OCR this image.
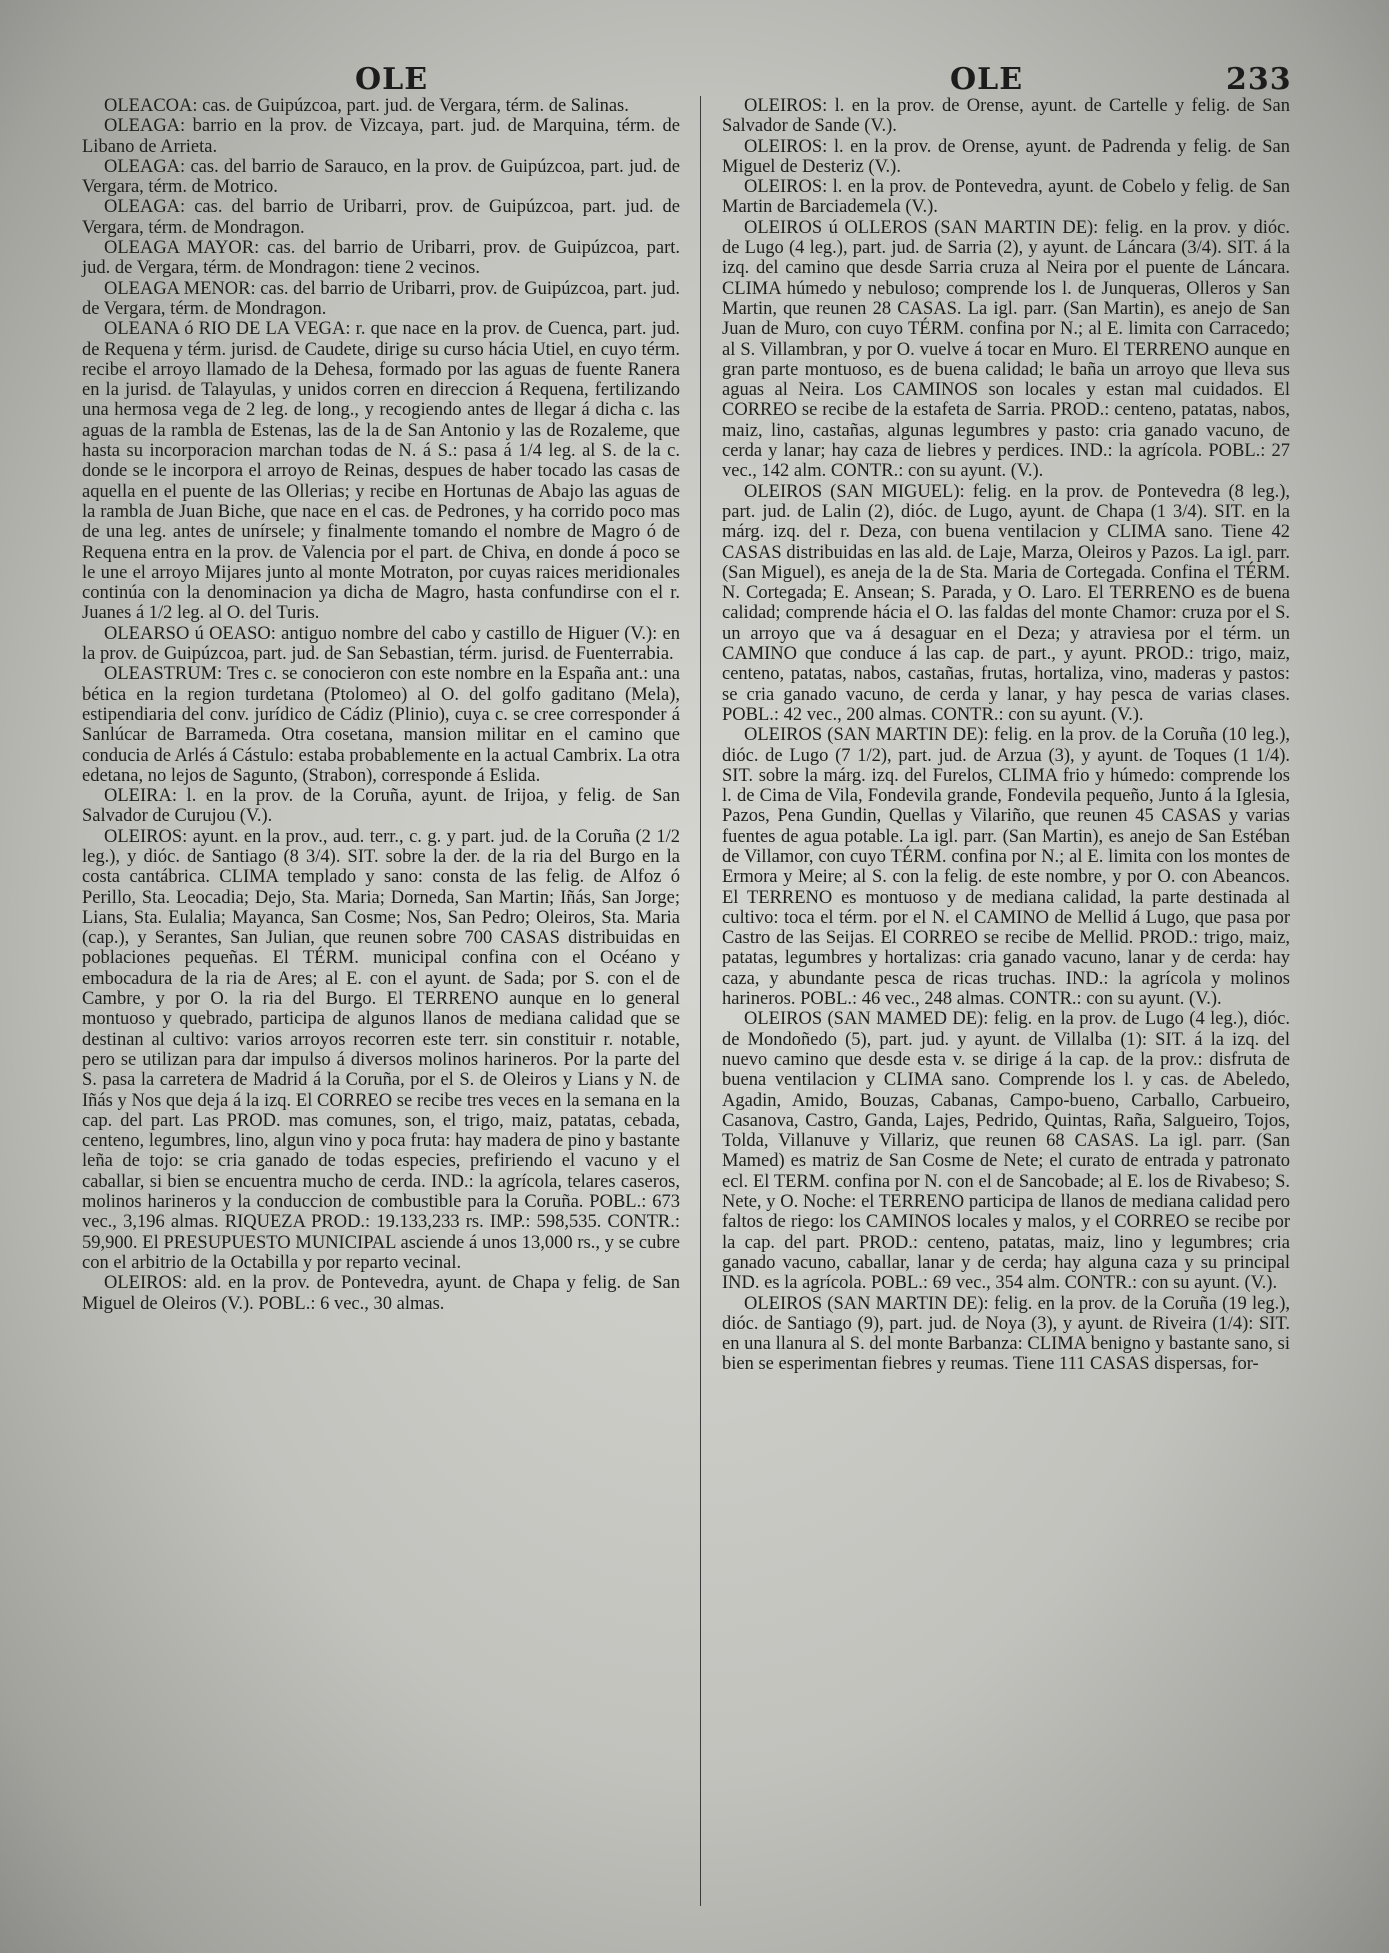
OLE	OLE	233

OLEACOA: cas. de Guipúzcoa, part. jud. de Vergara, térm. de Salinas.

OLEAGA: barrio en la prov. de Vizcaya, part. jud. de Marquina, térm. de Libano de Arrieta.

OLEAGA: cas. del barrio de Sarauco, en la prov. de Guipúzcoa, part. jud. de Vergara, térm. de Motrico.

OLEAGA: cas. del barrio de Uribarri, prov. de Guipúzcoa, part. jud. de Vergara, térm. de Mondragon.

OLEAGA MAYOR: cas. del barrio de Uribarri, prov. de Guipúzcoa, part. jud. de Vergara, térm. de Mondragon: tiene 2 vecinos.

OLEAGA MENOR: cas. del barrio de Uribarri, prov. de Guipúzcoa, part. jud. de Vergara, térm. de Mondragon.

OLEANA ó RIO DE LA VEGA: r. que nace en la prov. de Cuenca, part. jud. de Requena y térm. jurisd. de Caudete, dirige su curso hácia Utiel, en cuyo térm. recibe el arroyo llamado de la Dehesa, formado por las aguas de fuente Ranera en la jurisd. de Talayulas, y unidos corren en direccion á Requena, fertilizando una hermosa vega de 2 leg. de long., y recogiendo antes de llegar á dicha c. las aguas de la rambla de Estenas, las de la de San Antonio y las de Rozaleme, que hasta su incorporacion marchan todas de N. á S.: pasa á 1/4 leg. al S. de la c. donde se le incorpora el arroyo de Reinas, despues de haber tocado las casas de aquella en el puente de las Ollerias; y recibe en Hortunas de Abajo las aguas de la rambla de Juan Biche, que nace en el cas. de Pedrones, y ha corrido poco mas de una leg. antes de unírsele; y finalmente tomando el nombre de Magro ó de Requena entra en la prov. de Valencia por el part. de Chiva, en donde á poco se le une el arroyo Mijares junto al monte Motraton, por cuyas raices meridionales continúa con la denominacion ya dicha de Magro, hasta confundirse con el r. Juanes á 1/2 leg. al O. del Turis.

OLEARSO ú OEASO: antiguo nombre del cabo y castillo de Higuer (V.): en la prov. de Guipúzcoa, part. jud. de San Sebastian, térm. jurisd. de Fuenterrabia.

OLEASTRUM: Tres c. se conocieron con este nombre en la España ant.: una bética en la region turdetana (Ptolomeo) al O. del golfo gaditano (Mela), estipendiaria del conv. jurídico de Cádiz (Plinio), cuya c. se cree corresponder á Sanlúcar de Barrameda. Otra cosetana, mansion militar en el camino que conducia de Arlés á Cástulo: estaba probablemente en la actual Cambrix. La otra edetana, no lejos de Sagunto, (Strabon), corresponde á Eslida.

OLEIRA: l. en la prov. de la Coruña, ayunt. de Irijoa, y felig. de San Salvador de Curujou (V.).

OLEIROS: ayunt. en la prov., aud. terr., c. g. y part. jud. de la Coruña (2 1/2 leg.), y dióc. de Santiago (8 3/4). SIT. sobre la der. de la ria del Burgo en la costa cantábrica. CLIMA templado y sano: consta de las felig. de Alfoz ó Perillo, Sta. Leocadia; Dejo, Sta. Maria; Dorneda, San Martin; Iñás, San Jorge; Lians, Sta. Eulalia; Mayanca, San Cosme; Nos, San Pedro; Oleiros, Sta. Maria (cap.), y Serantes, San Julian, que reunen sobre 700 CASAS distribuidas en poblaciones pequeñas. El TÉRM. municipal confina con el Océano y embocadura de la ria de Ares; al E. con el ayunt. de Sada; por S. con el de Cambre, y por O. la ria del Burgo. El TERRENO aunque en lo general montuoso y quebrado, participa de algunos llanos de mediana calidad que se destinan al cultivo: varios arroyos recorren este terr. sin constituir r. notable, pero se utilizan para dar impulso á diversos molinos harineros. Por la parte del S. pasa la carretera de Madrid á la Coruña, por el S. de Oleiros y Lians y N. de Iñás y Nos que deja á la izq. El CORREO se recibe tres veces en la semana en la cap. del part. Las PROD. mas comunes, son, el trigo, maiz, patatas, cebada, centeno, legumbres, lino, algun vino y poca fruta: hay madera de pino y bastante leña de tojo: se cria ganado de todas especies, prefiriendo el vacuno y el caballar, si bien se encuentra mucho de cerda. IND.: la agrícola, telares caseros, molinos harineros y la conduccion de combustible para la Coruña. POBL.: 673 vec., 3,196 almas. RIQUEZA PROD.: 19.133,233 rs. IMP.: 598,535. CONTR.: 59,900. El PRESUPUESTO MUNICIPAL asciende á unos 13,000 rs., y se cubre con el arbitrio de la Octabilla y por reparto vecinal.

OLEIROS: ald. en la prov. de Pontevedra, ayunt. de Chapa y felig. de San Miguel de Oleiros (V.). POBL.: 6 vec., 30 almas.

OLEIROS: l. en la prov. de Orense, ayunt. de Cartelle y felig. de San Salvador de Sande (V.).

OLEIROS: l. en la prov. de Orense, ayunt. de Padrenda y felig. de San Miguel de Desteriz (V.).

OLEIROS: l. en la prov. de Pontevedra, ayunt. de Cobelo y felig. de San Martin de Barciademela (V.).

OLEIROS ú OLLEROS (SAN MARTIN DE): felig. en la prov. y dióc. de Lugo (4 leg.), part. jud. de Sarria (2), y ayunt. de Láncara (3/4). SIT. á la izq. del camino que desde Sarria cruza al Neira por el puente de Láncara. CLIMA húmedo y nebuloso; comprende los l. de Junqueras, Olleros y San Martin, que reunen 28 CASAS. La igl. parr. (San Martin), es anejo de San Juan de Muro, con cuyo TÉRM. confina por N.; al E. limita con Carracedo; al S. Villambran, y por O. vuelve á tocar en Muro. El TERRENO aunque en gran parte montuoso, es de buena calidad; le baña un arroyo que lleva sus aguas al Neira. Los CAMINOS son locales y estan mal cuidados. El CORREO se recibe de la estafeta de Sarria. PROD.: centeno, patatas, nabos, maiz, lino, castañas, algunas legumbres y pasto: cria ganado vacuno, de cerda y lanar; hay caza de liebres y perdices. IND.: la agrícola. POBL.: 27 vec., 142 alm. CONTR.: con su ayunt. (V.).

OLEIROS (SAN MIGUEL): felig. en la prov. de Pontevedra (8 leg.), part. jud. de Lalin (2), dióc. de Lugo, ayunt. de Chapa (1 3/4). SIT. en la márg. izq. del r. Deza, con buena ventilacion y CLIMA sano. Tiene 42 CASAS distribuidas en las ald. de Laje, Marza, Oleiros y Pazos. La igl. parr. (San Miguel), es aneja de la de Sta. Maria de Cortegada. Confina el TÉRM. N. Cortegada; E. Ansean; S. Parada, y O. Laro. El TERRENO es de buena calidad; comprende hácia el O. las faldas del monte Chamor: cruza por el S. un arroyo que va á desaguar en el Deza; y atraviesa por el térm. un CAMINO que conduce á las cap. de part., y ayunt. PROD.: trigo, maiz, centeno, patatas, nabos, castañas, frutas, hortaliza, vino, maderas y pastos: se cria ganado vacuno, de cerda y lanar, y hay pesca de varias clases. POBL.: 42 vec., 200 almas. CONTR.: con su ayunt. (V.).

OLEIROS (SAN MARTIN DE): felig. en la prov. de la Coruña (10 leg.), dióc. de Lugo (7 1/2), part. jud. de Arzua (3), y ayunt. de Toques (1 1/4). SIT. sobre la márg. izq. del Furelos, CLIMA frio y húmedo: comprende los l. de Cima de Vila, Fondevila grande, Fondevila pequeño, Junto á la Iglesia, Pazos, Pena Gundin, Quellas y Vilariño, que reunen 45 CASAS y varias fuentes de agua potable. La igl. parr. (San Martin), es anejo de San Estéban de Villamor, con cuyo TÉRM. confina por N.; al E. limita con los montes de Ermora y Meire; al S. con la felig. de este nombre, y por O. con Abeancos. El TERRENO es montuoso y de mediana calidad, la parte destinada al cultivo: toca el térm. por el N. el CAMINO de Mellid á Lugo, que pasa por Castro de las Seijas. El CORREO se recibe de Mellid. PROD.: trigo, maiz, patatas, legumbres y hortalizas: cria ganado vacuno, lanar y de cerda: hay caza, y abundante pesca de ricas truchas. IND.: la agrícola y molinos harineros. POBL.: 46 vec., 248 almas. CONTR.: con su ayunt. (V.).

OLEIROS (SAN MAMED DE): felig. en la prov. de Lugo (4 leg.), dióc. de Mondoñedo (5), part. jud. y ayunt. de Villalba (1): SIT. á la izq. del nuevo camino que desde esta v. se dirige á la cap. de la prov.: disfruta de buena ventilacion y CLIMA sano. Comprende los l. y cas. de Abeledo, Agadin, Amido, Bouzas, Cabanas, Campo-bueno, Carballo, Carbueiro, Casanova, Castro, Ganda, Lajes, Pedrido, Quintas, Raña, Salgueiro, Tojos, Tolda, Villanuve y Villariz, que reunen 68 CASAS. La igl. parr. (San Mamed) es matriz de San Cosme de Nete; el curato de entrada y patronato ecl. El TERM. confina por N. con el de Sancobade; al E. los de Rivabeso; S. Nete, y O. Noche: el TERRENO participa de llanos de mediana calidad pero faltos de riego: los CAMINOS locales y malos, y el CORREO se recibe por la cap. del part. PROD.: centeno, patatas, maiz, lino y legumbres; cria ganado vacuno, caballar, lanar y de cerda; hay alguna caza y su principal IND. es la agrícola. POBL.: 69 vec., 354 alm. CONTR.: con su ayunt. (V.).

OLEIROS (SAN MARTIN DE): felig. en la prov. de la Coruña (19 leg.), dióc. de Santiago (9), part. jud. de Noya (3), y ayunt. de Riveira (1/4): SIT. en una llanura al S. del monte Barbanza: CLIMA benigno y bastante sano, si bien se esperimentan fiebres y reumas. Tiene 111 CASAS dispersas, for-
